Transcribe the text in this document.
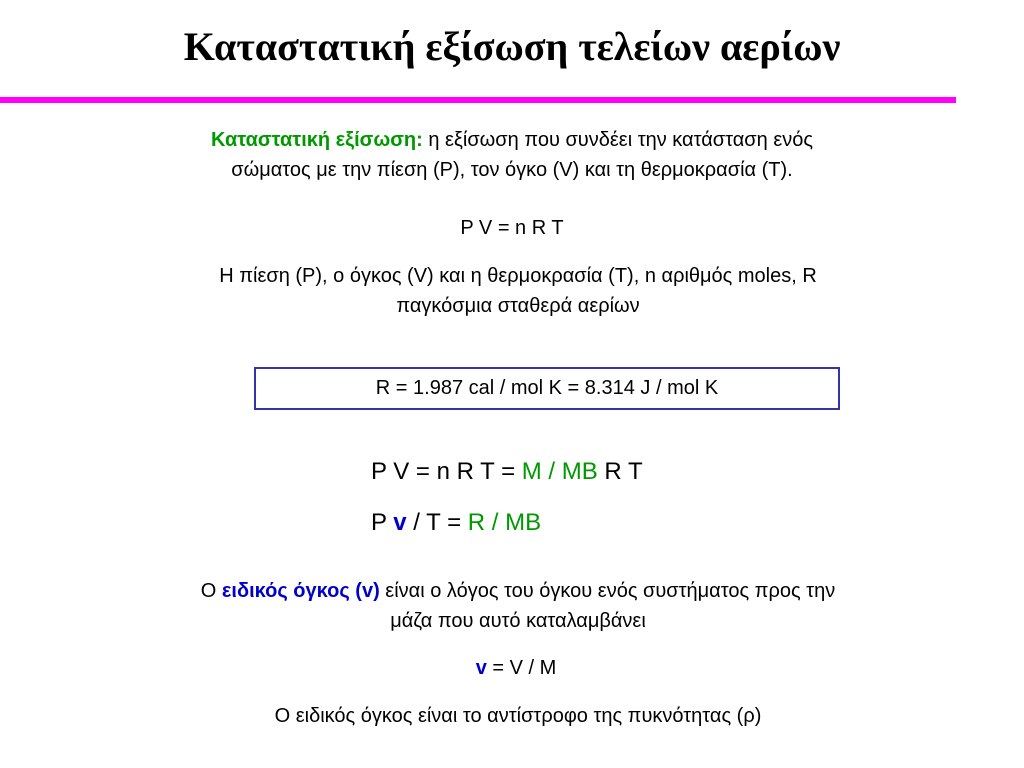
Καταστατική εξίσωση τελείων αερίων
Καταστατική εξίσωση: η εξίσωση που συνδέει την κατάσταση ενός
σώματος με την πίεση (P), τον όγκο (V) και τη θερμοκρασία (T).
P V = n R T
H πίεση (P), o όγκος (V) και η θερμοκρασία (T), n αριθμός moles, R
παγκόσμια σταθερά αερίων
R = 1.987 cal / mol K = 8.314 J / mol K
P V = n R T = M / MB R T
P v / T = R / MB
O ειδικός όγκος (v) είναι ο λόγος του όγκου ενός συστήματος προς την
μάζα που αυτό καταλαμβάνει
v = V / M
O ειδικός όγκος είναι το αντίστροφο της πυκνότητας (ρ)
